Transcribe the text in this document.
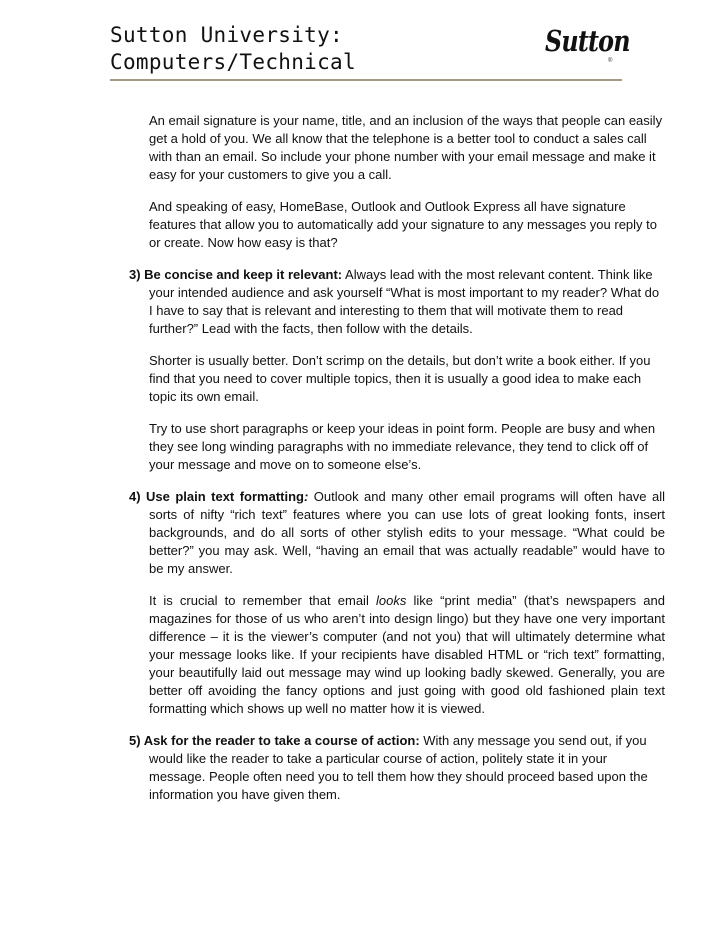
Sutton University:
Computers/Technical
Sutton
®

An email signature is your name, title, and an inclusion of the ways that people can easily get a hold of you. We all know that the telephone is a better tool to conduct a sales call with than an email. So include your phone number with your email message and make it easy for your customers to give you a call.

And speaking of easy, HomeBase, Outlook and Outlook Express all have signature features that allow you to automatically add your signature to any messages you reply to or create. Now how easy is that?

3) Be concise and keep it relevant: Always lead with the most relevant content. Think like your intended audience and ask yourself “What is most important to my reader? What do I have to say that is relevant and interesting to them that will motivate them to read further?” Lead with the facts, then follow with the details.

Shorter is usually better. Don’t scrimp on the details, but don’t write a book either. If you find that you need to cover multiple topics, then it is usually a good idea to make each topic its own email.

Try to use short paragraphs or keep your ideas in point form. People are busy and when they see long winding paragraphs with no immediate relevance, they tend to click off of your message and move on to someone else’s.

4) Use plain text formatting: Outlook and many other email programs will often have all sorts of nifty “rich text” features where you can use lots of great looking fonts, insert backgrounds, and do all sorts of other stylish edits to your message. “What could be better?” you may ask. Well, “having an email that was actually readable” would have to be my answer.

It is crucial to remember that email looks like “print media” (that’s newspapers and magazines for those of us who aren’t into design lingo) but they have one very important difference – it is the viewer’s computer (and not you) that will ultimately determine what your message looks like. If your recipients have disabled HTML or “rich text” formatting, your beautifully laid out message may wind up looking badly skewed. Generally, you are better off avoiding the fancy options and just going with good old fashioned plain text formatting which shows up well no matter how it is viewed.

5) Ask for the reader to take a course of action: With any message you send out, if you would like the reader to take a particular course of action, politely state it in your message. People often need you to tell them how they should proceed based upon the information you have given them.
